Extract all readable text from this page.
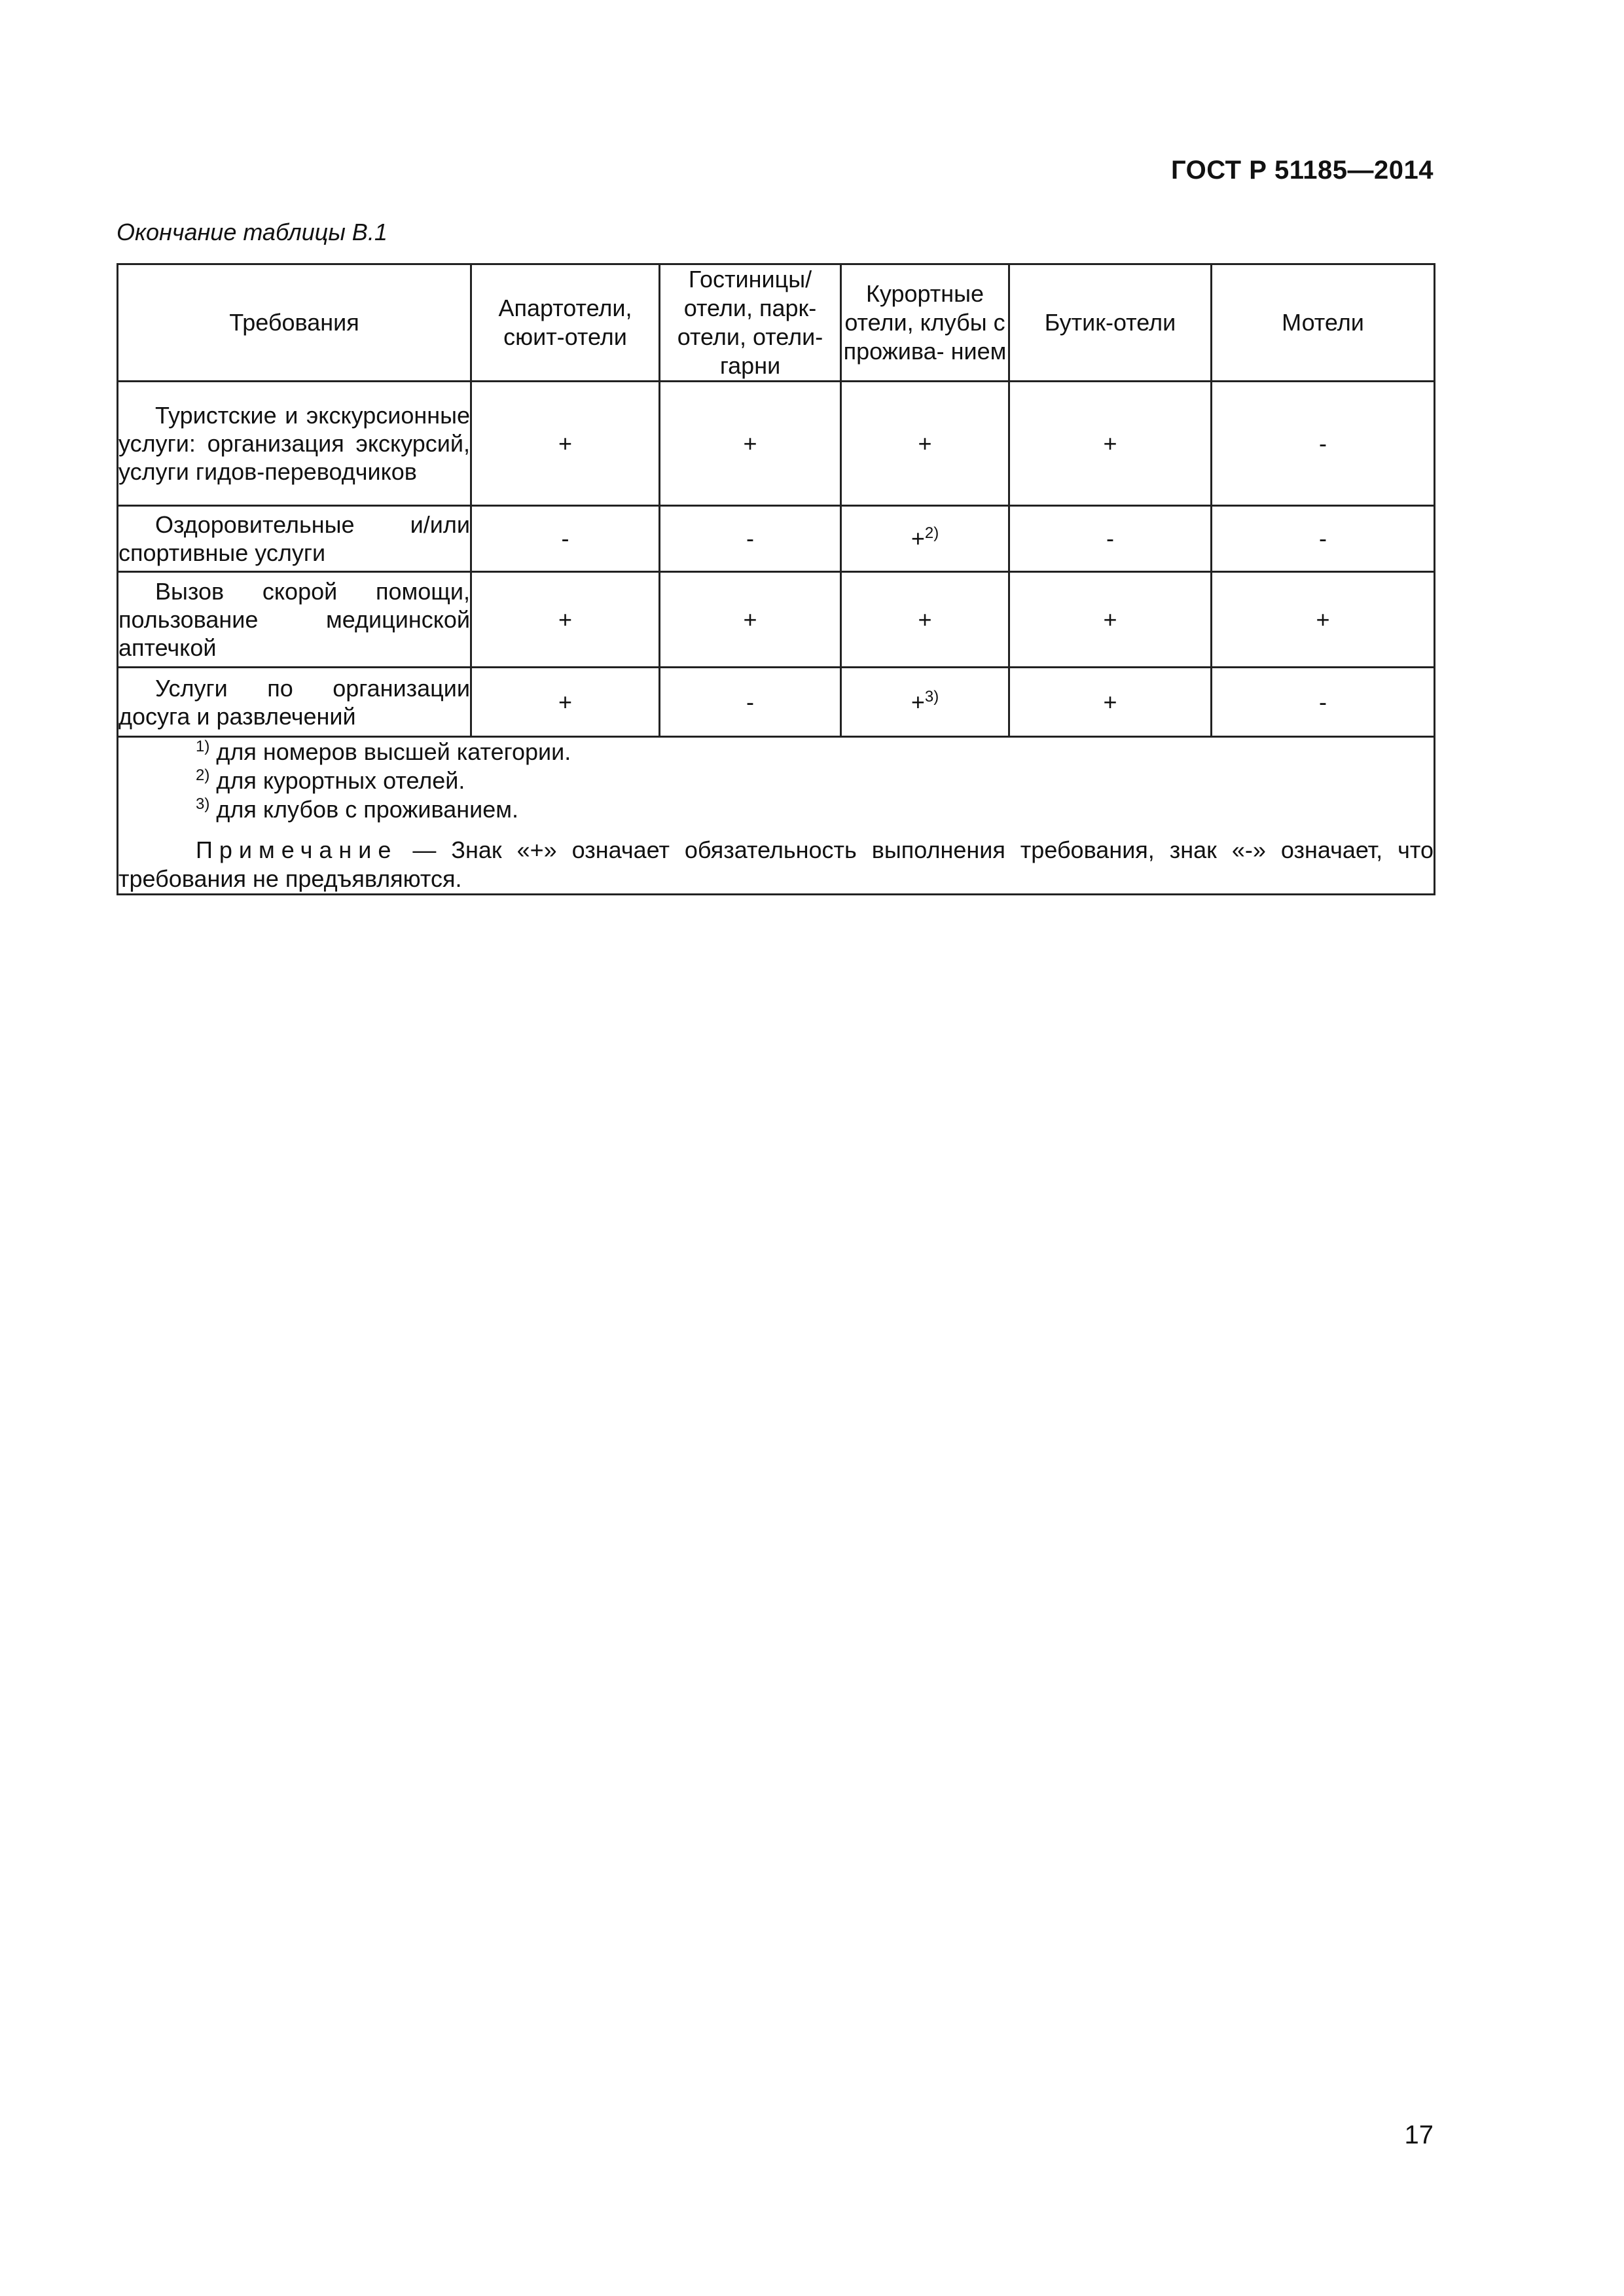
ГОСТ Р 51185—2014
Окончание таблицы В.1
Требования	Апартотели, сюит-отели	Гостиницы/ отели, парк-отели, отели-гарни	Курортные отели, клубы с прожива- нием	Бутик-отели	Мотели

Туристские и экскурсионные услуги: организация экскурсий, услуги гидов-переводчиков	+	+	+	+	-

Оздоровительные и/или спортивные услуги	-	-	+$^{2)}$	-	-

Вызов скорой помощи, пользование медицинской аптечкой	+	+	+	+	+

Услуги по организации досуга и развлечений	+	-	+$^{3)}$	+	-

$^{1)}$ для номеров высшей категории.
$^{2)}$ для курортных отелей.
$^{3)}$ для клубов с проживанием.
Примечание — Знак «+» означает обязательность выполнения требования, знак «-» означает, что требования не предъявляются.					
17
